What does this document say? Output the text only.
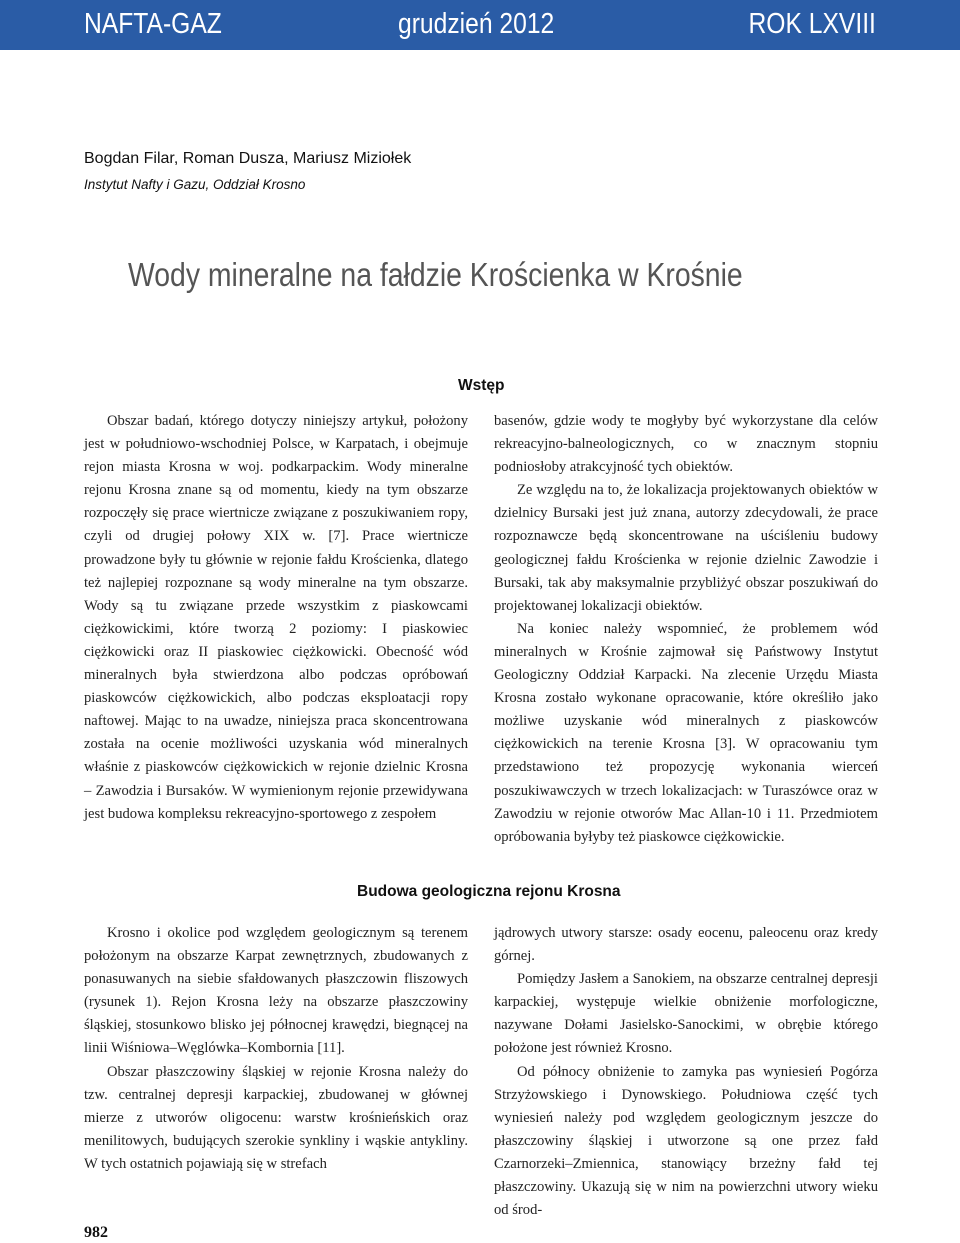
NAFTA-GAZ	grudzień 2012	ROK LXVIII
Bogdan Filar, Roman Dusza, Mariusz Miziołek
Instytut Nafty i Gazu, Oddział Krosno
Wody mineralne na fałdzie Krościenka w Krośnie
Wstęp

Obszar badań, którego dotyczy niniejszy artykuł, położony jest w południowo-wschodniej Polsce, w Karpatach, i obejmuje rejon miasta Krosna w woj. podkarpackim. Wody mineralne rejonu Krosna znane są od momentu, kiedy na tym obszarze rozpoczęły się prace wiertnicze związane z poszukiwaniem ropy, czyli od drugiej połowy XIX w. [7]. Prace wiertnicze prowadzone były tu głównie w rejonie fałdu Krościenka, dlatego też najlepiej rozpoznane są wody mineralne na tym obszarze. Wody są tu związane przede wszystkim z piaskowcami ciężkowickimi, które tworzą 2 poziomy: I piaskowiec ciężkowicki oraz II piaskowiec ciężkowicki. Obecność wód mineralnych była stwierdzona albo podczas opróbowań piaskowców ciężkowickich, albo podczas eksploatacji ropy naftowej. Mając to na uwadze, niniejsza praca skoncentrowana została na ocenie możliwości uzyskania wód mineralnych właśnie z piaskowców ciężkowickich w rejonie dzielnic Krosna – Zawodzia i Bursaków. W wymienionym rejonie przewidywana jest budowa kompleksu rekreacyjno-sportowego z zespołem

basenów, gdzie wody te mogłyby być wykorzystane dla celów rekreacyjno-balneologicznych, co w znacznym stopniu podniosłoby atrakcyjność tych obiektów.

Ze względu na to, że lokalizacja projektowanych obiektów w dzielnicy Bursaki jest już znana, autorzy zdecydowali, że prace rozpoznawcze będą skoncentrowane na uściśleniu budowy geologicznej fałdu Krościenka w rejonie dzielnic Zawodzie i Bursaki, tak aby maksymalnie przybliżyć obszar poszukiwań do projektowanej lokalizacji obiektów.

Na koniec należy wspomnieć, że problemem wód mineralnych w Krośnie zajmował się Państwowy Instytut Geologiczny Oddział Karpacki. Na zlecenie Urzędu Miasta Krosna zostało wykonane opracowanie, które określiło jako możliwe uzyskanie wód mineralnych z piaskowców ciężkowickich na terenie Krosna [3]. W opracowaniu tym przedstawiono też propozycję wykonania wierceń poszukiwawczych w trzech lokalizacjach: w Turaszówce oraz w Zawodziu w rejonie otworów Mac Allan-10 i 11. Przedmiotem opróbowania byłyby też piaskowce ciężkowickie.

Budowa geologiczna rejonu Krosna

Krosno i okolice pod względem geologicznym są terenem położonym na obszarze Karpat zewnętrznych, zbudowanych z ponasuwanych na siebie sfałdowanych płaszczowin fliszowych (rysunek 1). Rejon Krosna leży na obszarze płaszczowiny śląskiej, stosunkowo blisko jej północnej krawędzi, biegnącej na linii Wiśniowa–Węglówka–Kombornia [11].

Obszar płaszczowiny śląskiej w rejonie Krosna należy do tzw. centralnej depresji karpackiej, zbudowanej w głównej mierze z utworów oligocenu: warstw krośnieńskich oraz menilitowych, budujących szerokie synkliny i wąskie antykliny. W tych ostatnich pojawiają się w strefach

jądrowych utwory starsze: osady eocenu, paleocenu oraz kredy górnej.

Pomiędzy Jasłem a Sanokiem, na obszarze centralnej depresji karpackiej, występuje wielkie obniżenie morfologiczne, nazywane Dołami Jasielsko-Sanockimi, w obrębie którego położone jest również Krosno.

Od północy obniżenie to zamyka pas wyniesień Pogórza Strzyżowskiego i Dynowskiego. Południowa część tych wyniesień należy pod względem geologicznym jeszcze do płaszczowiny śląskiej i utworzone są one przez fałd Czarnorzeki–Zmiennica, stanowiący brzeżny fałd tej płaszczowiny. Ukazują się w nim na powierzchni utwory wieku od środ-

982
